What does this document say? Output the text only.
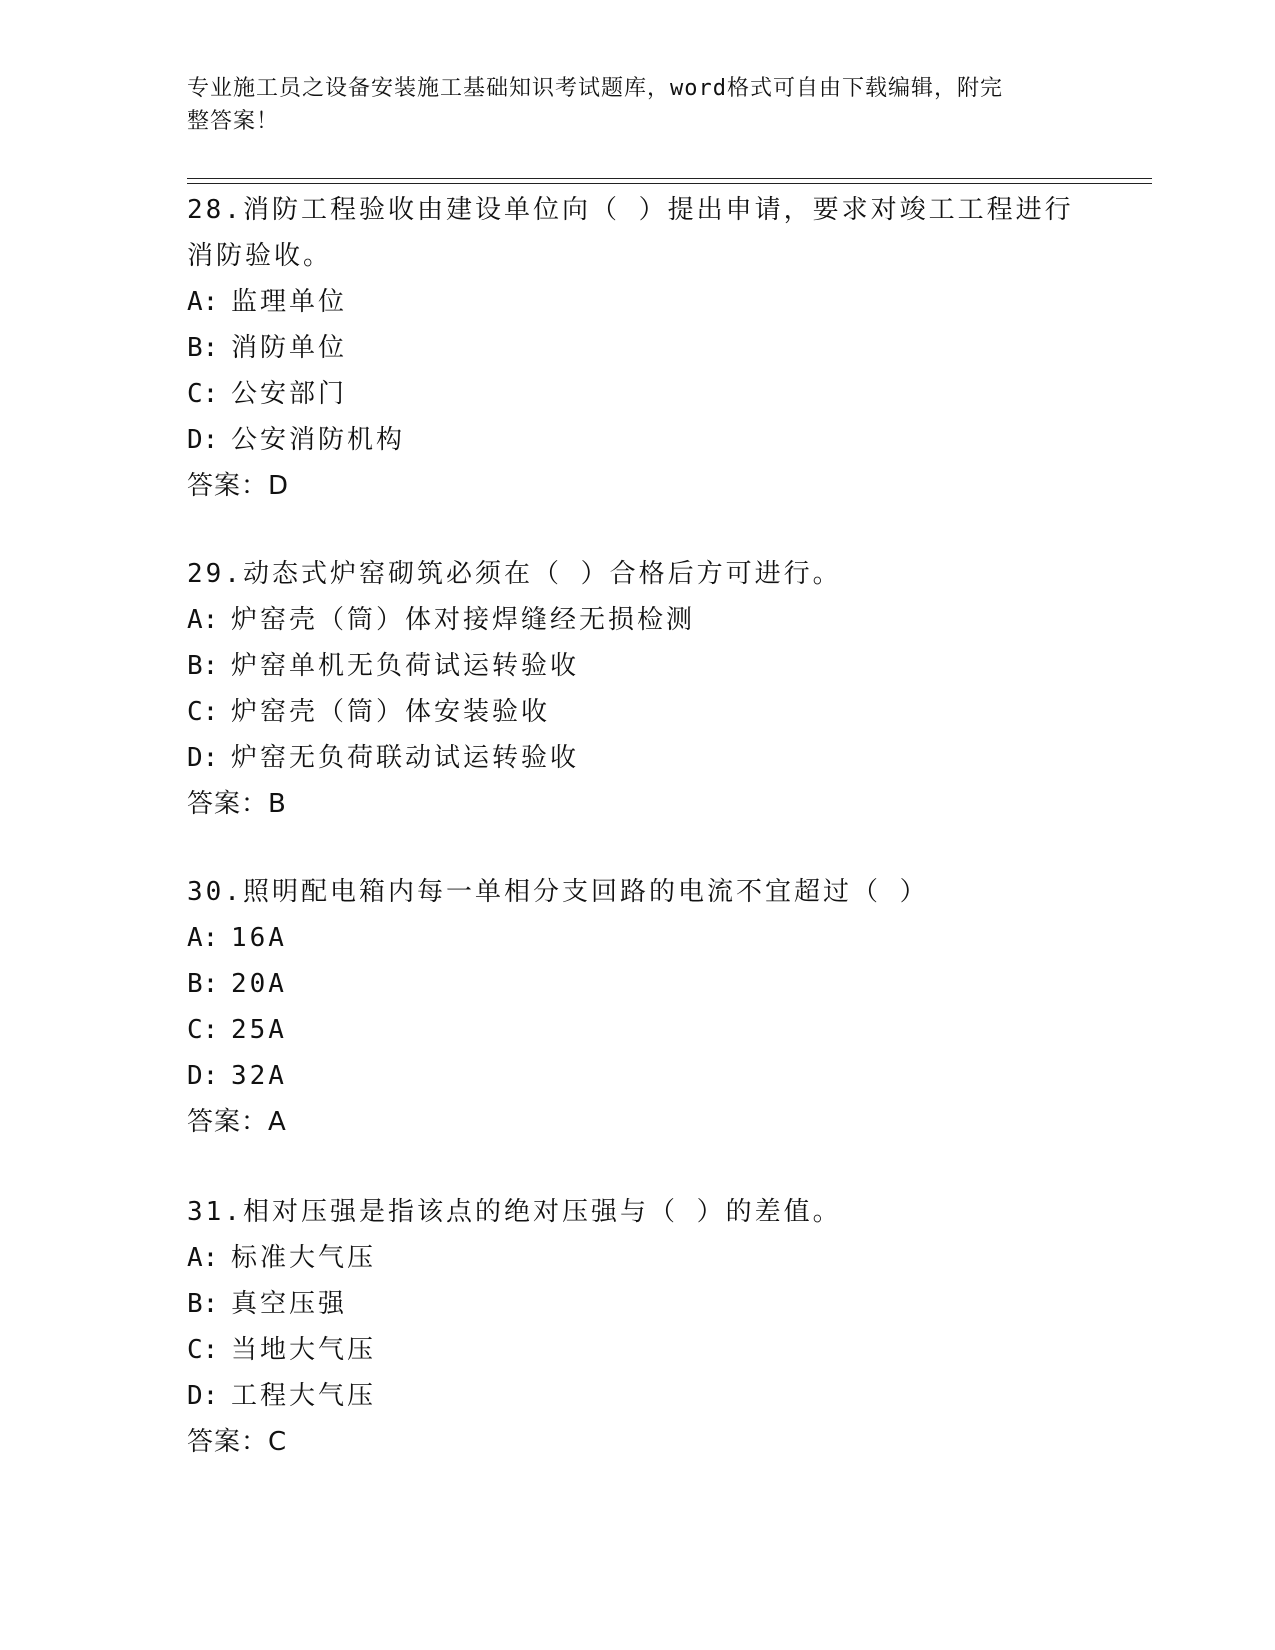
专业施工员之设备安装施工基础知识考试题库，word格式可自由下载编辑，附完
整答案！
28.消防工程验收由建设单位向（ ）提出申请，要求对竣工工程进行
消防验收。
A: 监理单位
B: 消防单位
C: 公安部门
D: 公安消防机构
答案：D
29.动态式炉窑砌筑必须在（ ）合格后方可进行。
A: 炉窑壳（筒）体对接焊缝经无损检测
B: 炉窑单机无负荷试运转验收
C: 炉窑壳（筒）体安装验收
D: 炉窑无负荷联动试运转验收
答案：B
30.照明配电箱内每一单相分支回路的电流不宜超过（ ）
A: 16A
B: 20A
C: 25A
D: 32A
答案：A
31.相对压强是指该点的绝对压强与（ ）的差值。
A: 标准大气压
B: 真空压强
C: 当地大气压
D: 工程大气压
答案：C
